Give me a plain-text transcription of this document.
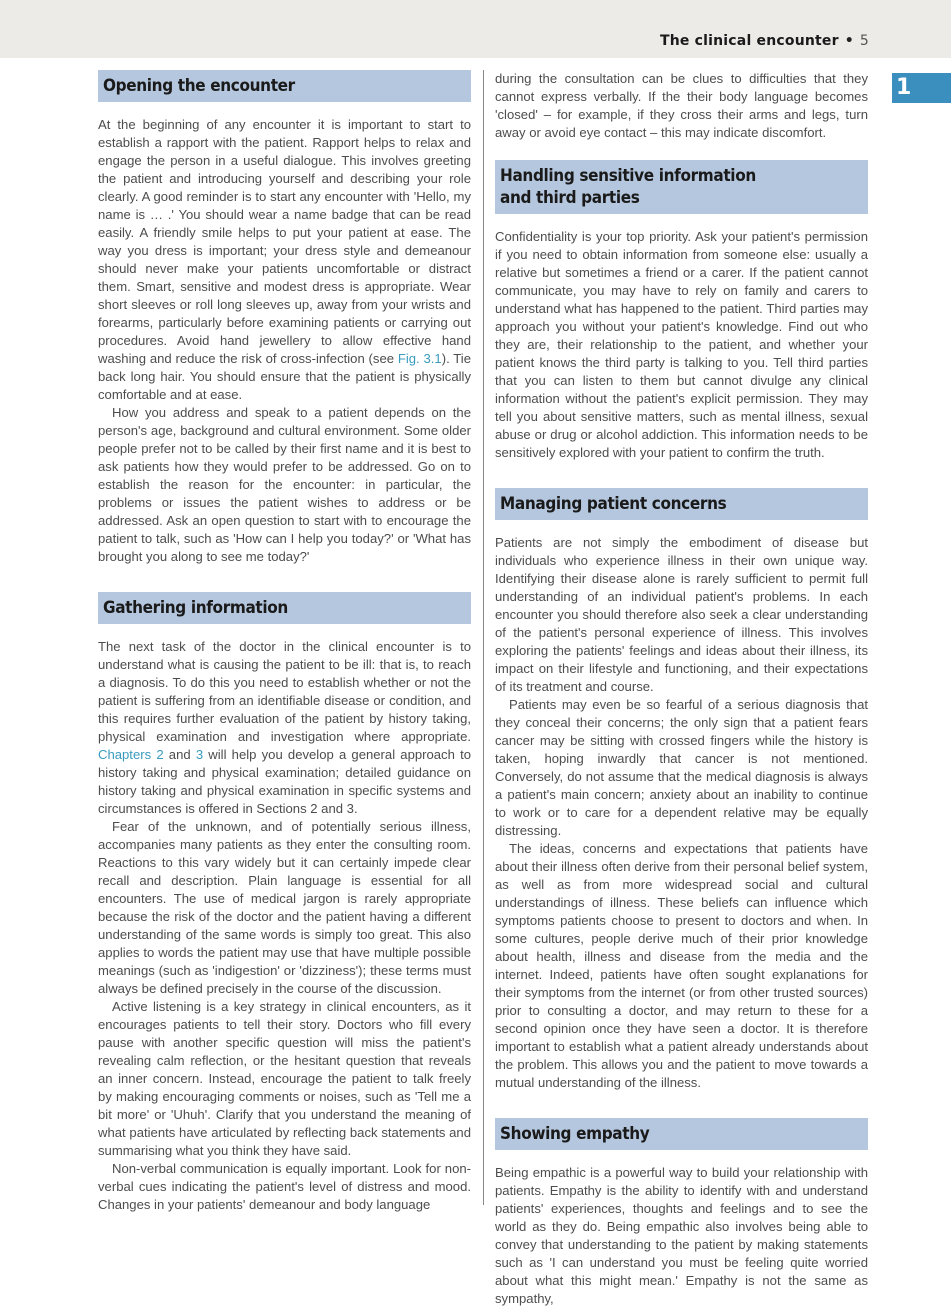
The clinical encounter • 5
1
Opening the encounter

At the beginning of any encounter it is important to start to establish a rapport with the patient. Rapport helps to relax and engage the person in a useful dialogue. This involves greeting the patient and introducing yourself and describing your role clearly. A good reminder is to start any encounter with 'Hello, my name is … .' You should wear a name badge that can be read easily. A friendly smile helps to put your patient at ease. The way you dress is important; your dress style and demeanour should never make your patients uncomfortable or distract them. Smart, sensitive and modest dress is appropriate. Wear short sleeves or roll long sleeves up, away from your wrists and forearms, particularly before examining patients or carrying out procedures. Avoid hand jewellery to allow effective hand washing and reduce the risk of cross-infection (see Fig. 3.1). Tie back long hair. You should ensure that the patient is physically comfortable and at ease.

How you address and speak to a patient depends on the person's age, background and cultural environment. Some older people prefer not to be called by their first name and it is best to ask patients how they would prefer to be addressed. Go on to establish the reason for the encounter: in particular, the problems or issues the patient wishes to address or be addressed. Ask an open question to start with to encourage the patient to talk, such as 'How can I help you today?' or 'What has brought you along to see me today?'

Gathering information

The next task of the doctor in the clinical encounter is to understand what is causing the patient to be ill: that is, to reach a diagnosis. To do this you need to establish whether or not the patient is suffering from an identifiable disease or condition, and this requires further evaluation of the patient by history taking, physical examination and investigation where appropriate. Chapters 2 and 3 will help you develop a general approach to history taking and physical examination; detailed guidance on history taking and physical examination in specific systems and circumstances is offered in Sections 2 and 3.

Fear of the unknown, and of potentially serious illness, accompanies many patients as they enter the consulting room. Reactions to this vary widely but it can certainly impede clear recall and description. Plain language is essential for all encounters. The use of medical jargon is rarely appropriate because the risk of the doctor and the patient having a different understanding of the same words is simply too great. This also applies to words the patient may use that have multiple possible meanings (such as 'indigestion' or 'dizziness'); these terms must always be defined precisely in the course of the discussion.

Active listening is a key strategy in clinical encounters, as it encourages patients to tell their story. Doctors who fill every pause with another specific question will miss the patient's revealing calm reflection, or the hesitant question that reveals an inner concern. Instead, encourage the patient to talk freely by making encouraging comments or noises, such as 'Tell me a bit more' or 'Uhuh'. Clarify that you understand the meaning of what patients have articulated by reflecting back statements and summarising what you think they have said.

Non-verbal communication is equally important. Look for non-verbal cues indicating the patient's level of distress and mood. Changes in your patients' demeanour and body language

during the consultation can be clues to difficulties that they cannot express verbally. If the their body language becomes 'closed' – for example, if they cross their arms and legs, turn away or avoid eye contact – this may indicate discomfort.

Handling sensitive information
and third parties

Confidentiality is your top priority. Ask your patient's permission if you need to obtain information from someone else: usually a relative but sometimes a friend or a carer. If the patient cannot communicate, you may have to rely on family and carers to understand what has happened to the patient. Third parties may approach you without your patient's knowledge. Find out who they are, their relationship to the patient, and whether your patient knows the third party is talking to you. Tell third parties that you can listen to them but cannot divulge any clinical information without the patient's explicit permission. They may tell you about sensitive matters, such as mental illness, sexual abuse or drug or alcohol addiction. This information needs to be sensitively explored with your patient to confirm the truth.

Managing patient concerns

Patients are not simply the embodiment of disease but individuals who experience illness in their own unique way. Identifying their disease alone is rarely sufficient to permit full understanding of an individual patient's problems. In each encounter you should therefore also seek a clear understanding of the patient's personal experience of illness. This involves exploring the patients' feelings and ideas about their illness, its impact on their lifestyle and functioning, and their expectations of its treatment and course.

Patients may even be so fearful of a serious diagnosis that they conceal their concerns; the only sign that a patient fears cancer may be sitting with crossed fingers while the history is taken, hoping inwardly that cancer is not mentioned. Conversely, do not assume that the medical diagnosis is always a patient's main concern; anxiety about an inability to continue to work or to care for a dependent relative may be equally distressing.

The ideas, concerns and expectations that patients have about their illness often derive from their personal belief system, as well as from more widespread social and cultural understandings of illness. These beliefs can influence which symptoms patients choose to present to doctors and when. In some cultures, people derive much of their prior knowledge about health, illness and disease from the media and the internet. Indeed, patients have often sought explanations for their symptoms from the internet (or from other trusted sources) prior to consulting a doctor, and may return to these for a second opinion once they have seen a doctor. It is therefore important to establish what a patient already understands about the problem. This allows you and the patient to move towards a mutual understanding of the illness.

Showing empathy

Being empathic is a powerful way to build your relationship with patients. Empathy is the ability to identify with and understand patients' experiences, thoughts and feelings and to see the world as they do. Being empathic also involves being able to convey that understanding to the patient by making statements such as 'I can understand you must be feeling quite worried about what this might mean.' Empathy is not the same as sympathy,
